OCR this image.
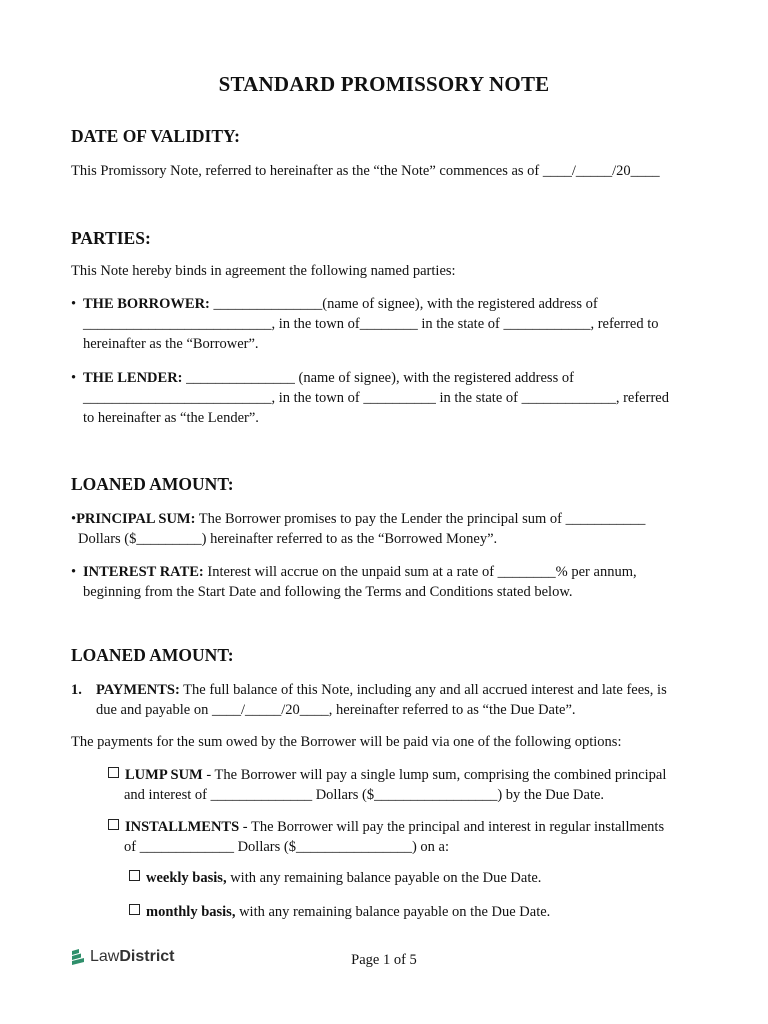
STANDARD PROMISSORY NOTE
DATE OF VALIDITY:
This Promissory Note, referred to hereinafter as the “the Note” commences as of ____/_____/20____
PARTIES:
This Note hereby binds in agreement the following named parties:
• THE BORROWER: _______________(name of signee), with the registered address of
__________________________, in the town of________ in the state of ____________, referred to
hereinafter as the “Borrower”.
• THE LENDER: _______________ (name of signee), with the registered address of
__________________________, in the town of __________ in the state of _____________, referred
to hereinafter as “the Lender”.
LOANED AMOUNT:
•PRINCIPAL SUM: The Borrower promises to pay the Lender the principal sum of ___________
Dollars ($_________) hereinafter referred to as the “Borrowed Money”.
• INTEREST RATE: Interest will accrue on the unpaid sum at a rate of ________% per annum,
beginning from the Start Date and following the Terms and Conditions stated below.
LOANED AMOUNT:
1. PAYMENTS: The full balance of this Note, including any and all accrued interest and late fees, is
due and payable on ____/_____/20____, hereinafter referred to as “the Due Date”.
The payments for the sum owed by the Borrower will be paid via one of the following options:
LUMP SUM - The Borrower will pay a single lump sum, comprising the combined principal
and interest of ______________ Dollars ($_________________) by the Due Date.
INSTALLMENTS - The Borrower will pay the principal and interest in regular installments
of _____________ Dollars ($________________) on a:
weekly basis, with any remaining balance payable on the Due Date.
monthly basis, with any remaining balance payable on the Due Date.
LawDistrict	Page 1 of 5
